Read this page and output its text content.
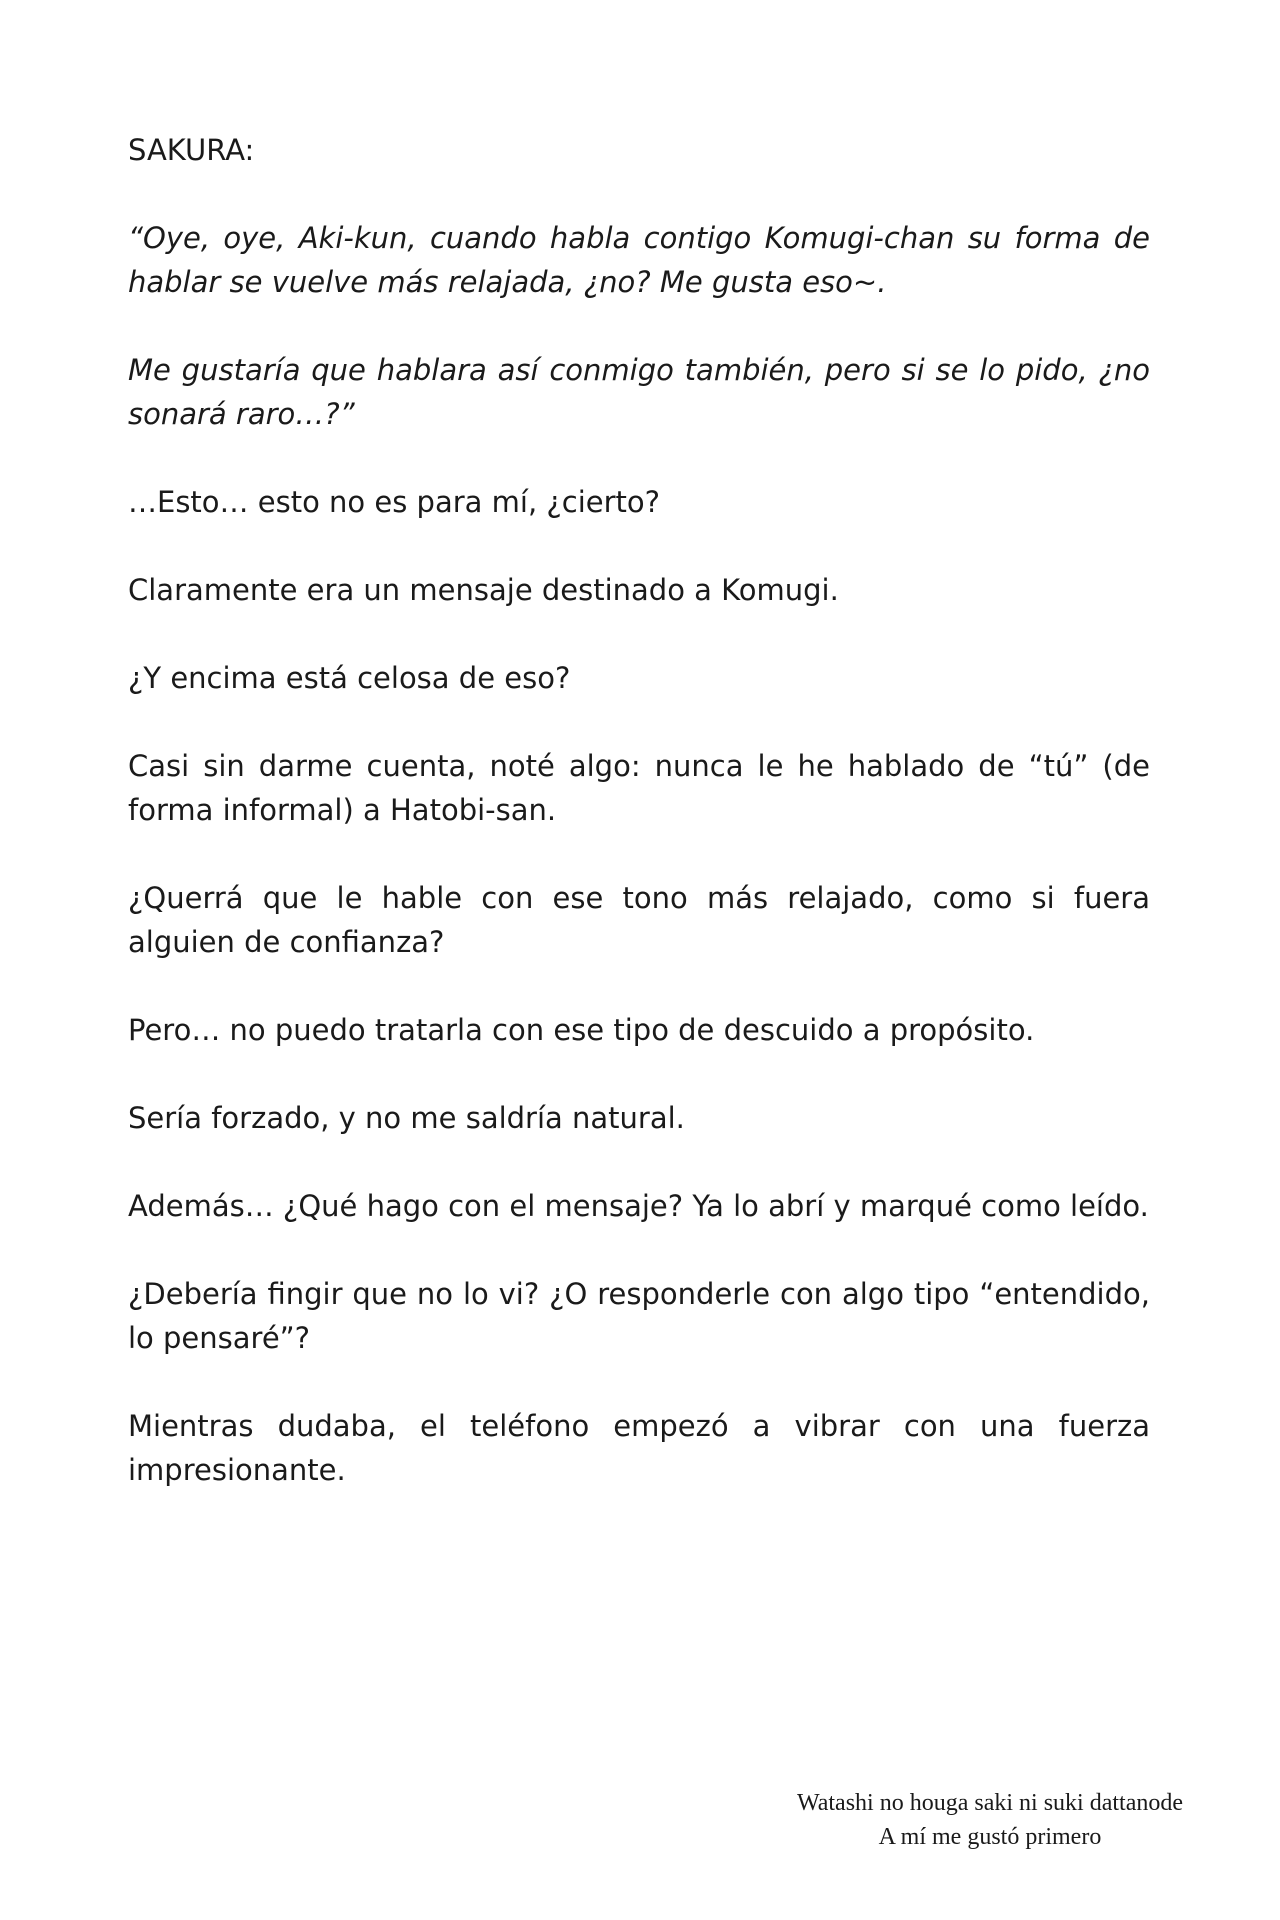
SAKURA:

“Oye, oye, Aki-kun, cuando habla contigo Komugi-chan su forma de hablar se vuelve más relajada, ¿no? Me gusta eso~.

Me gustaría que hablara así conmigo también, pero si se lo pido, ¿no sonará raro…?”

…Esto… esto no es para mí, ¿cierto?

Claramente era un mensaje destinado a Komugi.

¿Y encima está celosa de eso?

Casi sin darme cuenta, noté algo: nunca le he hablado de “tú” (de forma informal) a Hatobi-san.

¿Querrá que le hable con ese tono más relajado, como si fuera alguien de confianza?

Pero… no puedo tratarla con ese tipo de descuido a propósito.

Sería forzado, y no me saldría natural.

Además… ¿Qué hago con el mensaje? Ya lo abrí y marqué como leído.

¿Debería fingir que no lo vi? ¿O responderle con algo tipo “entendido, lo pensaré”?

Mientras dudaba, el teléfono empezó a vibrar con una fuerza impresionante.

Watashi no houga saki ni suki dattanode
A mí me gustó primero
